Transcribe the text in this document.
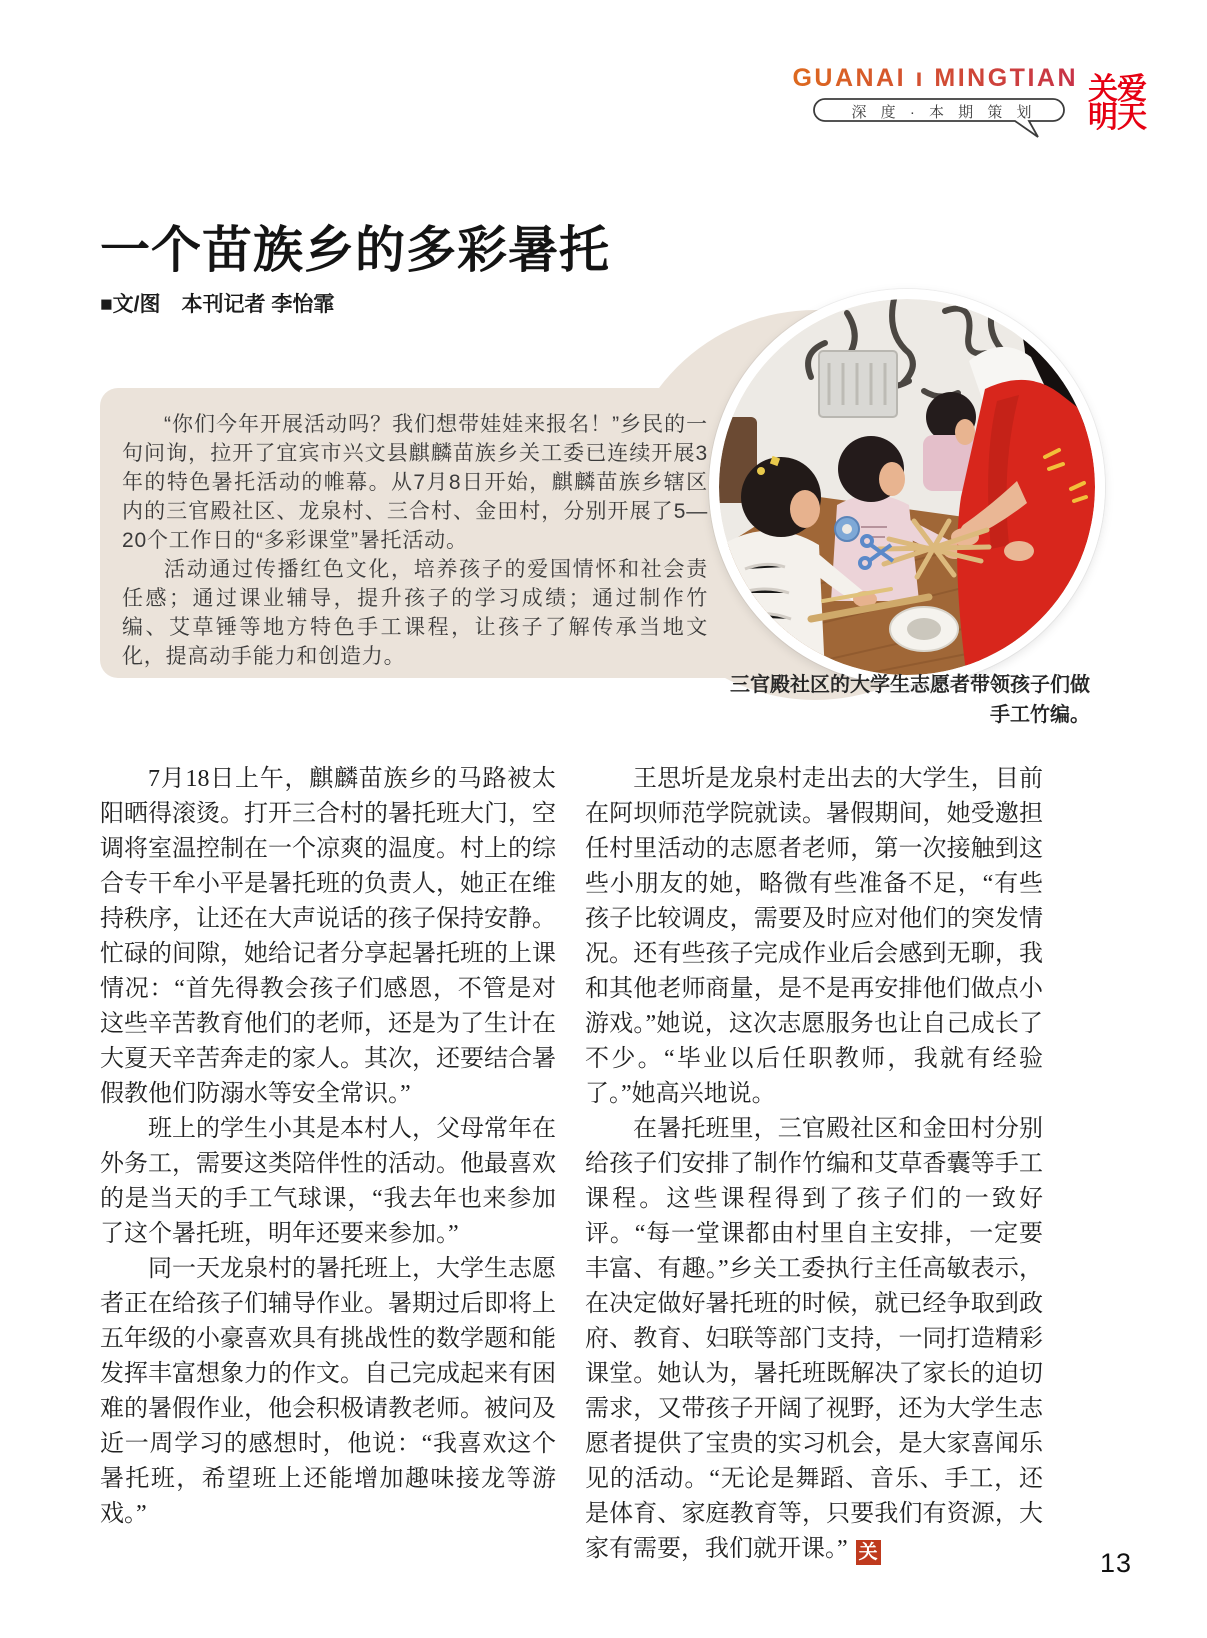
GUANAI ı MINGTIAN
深 度 · 本 期 策 划
关爱
明天
一个苗族乡的多彩暑托
■文/图　本刊记者 李怡霏

“你们今年开展活动吗？我们想带娃娃来报名！”乡民的一句问询，拉开了宜宾市兴文县麒麟苗族乡关工委已连续开展3年的特色暑托活动的帷幕。从7月8日开始，麒麟苗族乡辖区内的三官殿社区、龙泉村、三合村、金田村，分别开展了5—20个工作日的“多彩课堂”暑托活动。

活动通过传播红色文化，培养孩子的爱国情怀和社会责任感；通过课业辅导，提升孩子的学习成绩；通过制作竹编、艾草锤等地方特色手工课程，让孩子了解传承当地文化，提高动手能力和创造力。

三官殿社区的大学生志愿者带领孩子们做手工竹编。

7月18日上午，麒麟苗族乡的马路被太阳晒得滚烫。打开三合村的暑托班大门，空调将室温控制在一个凉爽的温度。村上的综合专干牟小平是暑托班的负责人，她正在维持秩序，让还在大声说话的孩子保持安静。忙碌的间隙，她给记者分享起暑托班的上课情况：“首先得教会孩子们感恩，不管是对这些辛苦教育他们的老师，还是为了生计在大夏天辛苦奔走的家人。其次，还要结合暑假教他们防溺水等安全常识。”

班上的学生小其是本村人，父母常年在外务工，需要这类陪伴性的活动。他最喜欢的是当天的手工气球课，“我去年也来参加了这个暑托班，明年还要来参加。”

同一天龙泉村的暑托班上，大学生志愿者正在给孩子们辅导作业。暑期过后即将上五年级的小豪喜欢具有挑战性的数学题和能发挥丰富想象力的作文。自己完成起来有困难的暑假作业，他会积极请教老师。被问及近一周学习的感想时，他说：“我喜欢这个暑托班，希望班上还能增加趣味接龙等游戏。”

王思圻是龙泉村走出去的大学生，目前在阿坝师范学院就读。暑假期间，她受邀担任村里活动的志愿者老师，第一次接触到这些小朋友的她，略微有些准备不足，“有些孩子比较调皮，需要及时应对他们的突发情况。还有些孩子完成作业后会感到无聊，我和其他老师商量，是不是再安排他们做点小游戏。”她说，这次志愿服务也让自己成长了不少。“毕业以后任职教师，我就有经验了。”她高兴地说。

在暑托班里，三官殿社区和金田村分别给孩子们安排了制作竹编和艾草香囊等手工课程。这些课程得到了孩子们的一致好评。“每一堂课都由村里自主安排，一定要丰富、有趣。”乡关工委执行主任高敏表示，在决定做好暑托班的时候，就已经争取到政府、教育、妇联等部门支持，一同打造精彩课堂。她认为，暑托班既解决了家长的迫切需求，又带孩子开阔了视野，还为大学生志愿者提供了宝贵的实习机会，是大家喜闻乐见的活动。“无论是舞蹈、音乐、手工，还是体育、家庭教育等，只要我们有资源，大家有需要，我们就开课。” 关	13
